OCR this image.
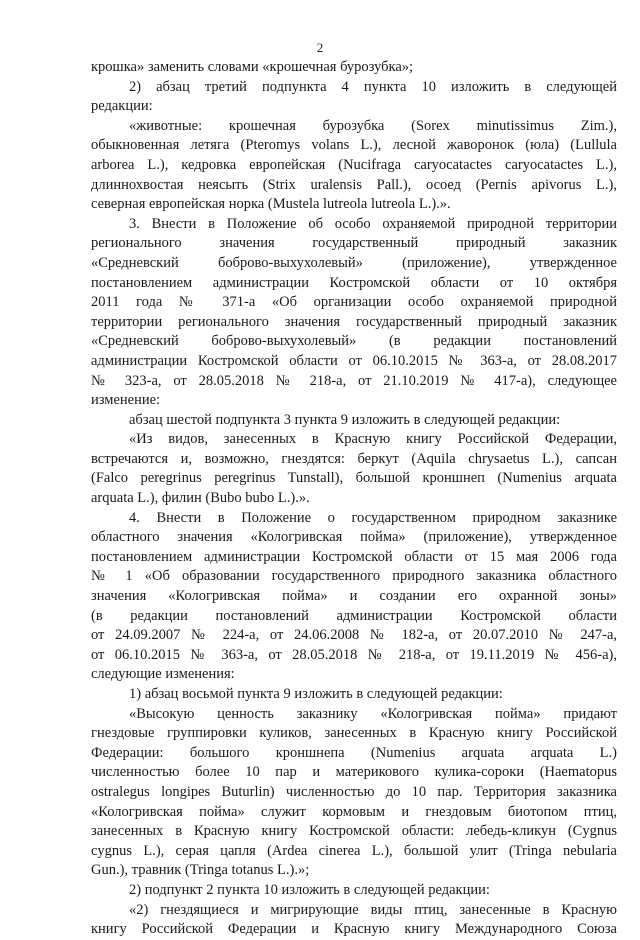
2
крошка» заменить словами «крошечная бурозубка»;
2) абзац третий подпункта 4 пункта 10 изложить в следующей
редакции:
«животные: крошечная бурозубка (Sorex minutissimus Zim.),
обыкновенная летяга (Pteromys volans L.), лесной жаворонок (юла) (Lullula
arborea L.), кедровка европейская (Nucifraga caryocatactes caryocatactes L.),
длиннохвостая неясыть (Strix uralensis Pall.), осоед (Pernis apivorus L.),
северная европейская норка (Mustela lutreola lutreola L.).».
3. Внести в Положение об особо охраняемой природной территории
регионального значения государственный природный заказник
«Средневский боброво-выхухолевый» (приложение), утвержденное
постановлением администрации Костромской области от 10 октября
2011 года № 371-а «Об организации особо охраняемой природной
территории регионального значения государственный природный заказник
«Средневский боброво-выхухолевый» (в редакции постановлений
администрации Костромской области от 06.10.2015 № 363-а, от 28.08.2017
№ 323-а, от 28.05.2018 № 218-а, от 21.10.2019 № 417-а), следующее
изменение:
абзац шестой подпункта 3 пункта 9 изложить в следующей редакции:
«Из видов, занесенных в Красную книгу Российской Федерации,
встречаются и, возможно, гнездятся: беркут (Aquila chrysaetus L.), сапсан
(Falco peregrinus peregrinus Tunstall), большой кроншнеп (Numenius arquata
arquata L.), филин (Bubo bubo L.).».
4. Внести в Положение о государственном природном заказнике
областного значения «Кологривская пойма» (приложение), утвержденное
постановлением администрации Костромской области от 15 мая 2006 года
№ 1 «Об образовании государственного природного заказника областного
значения «Кологривская пойма» и создании его охранной зоны»
(в редакции постановлений администрации Костромской области
от 24.09.2007 № 224-а, от 24.06.2008 № 182-а, от 20.07.2010 № 247-а,
от 06.10.2015 № 363-а, от 28.05.2018 № 218-а, от 19.11.2019 № 456-а),
следующие изменения:
1) абзац восьмой пункта 9 изложить в следующей редакции:
«Высокую ценность заказнику «Кологривская пойма» придают
гнездовые группировки куликов, занесенных в Красную книгу Российской
Федерации: большого кроншнепа (Numenius arquata arquata L.)
численностью более 10 пар и материкового кулика-сороки (Haematopus
ostralegus longipes Buturlin) численностью до 10 пар. Территория заказника
«Кологривская пойма» служит кормовым и гнездовым биотопом птиц,
занесенных в Красную книгу Костромской области: лебедь-кликун (Cygnus
cygnus L.), серая цапля (Ardea cinerea L.), большой улит (Tringa nebularia
Gun.), травник (Tringa totanus L.).»;
2) подпункт 2 пункта 10 изложить в следующей редакции:
«2) гнездящиеся и мигрирующие виды птиц, занесенные в Красную
книгу Российской Федерации и Красную книгу Международного Союза
